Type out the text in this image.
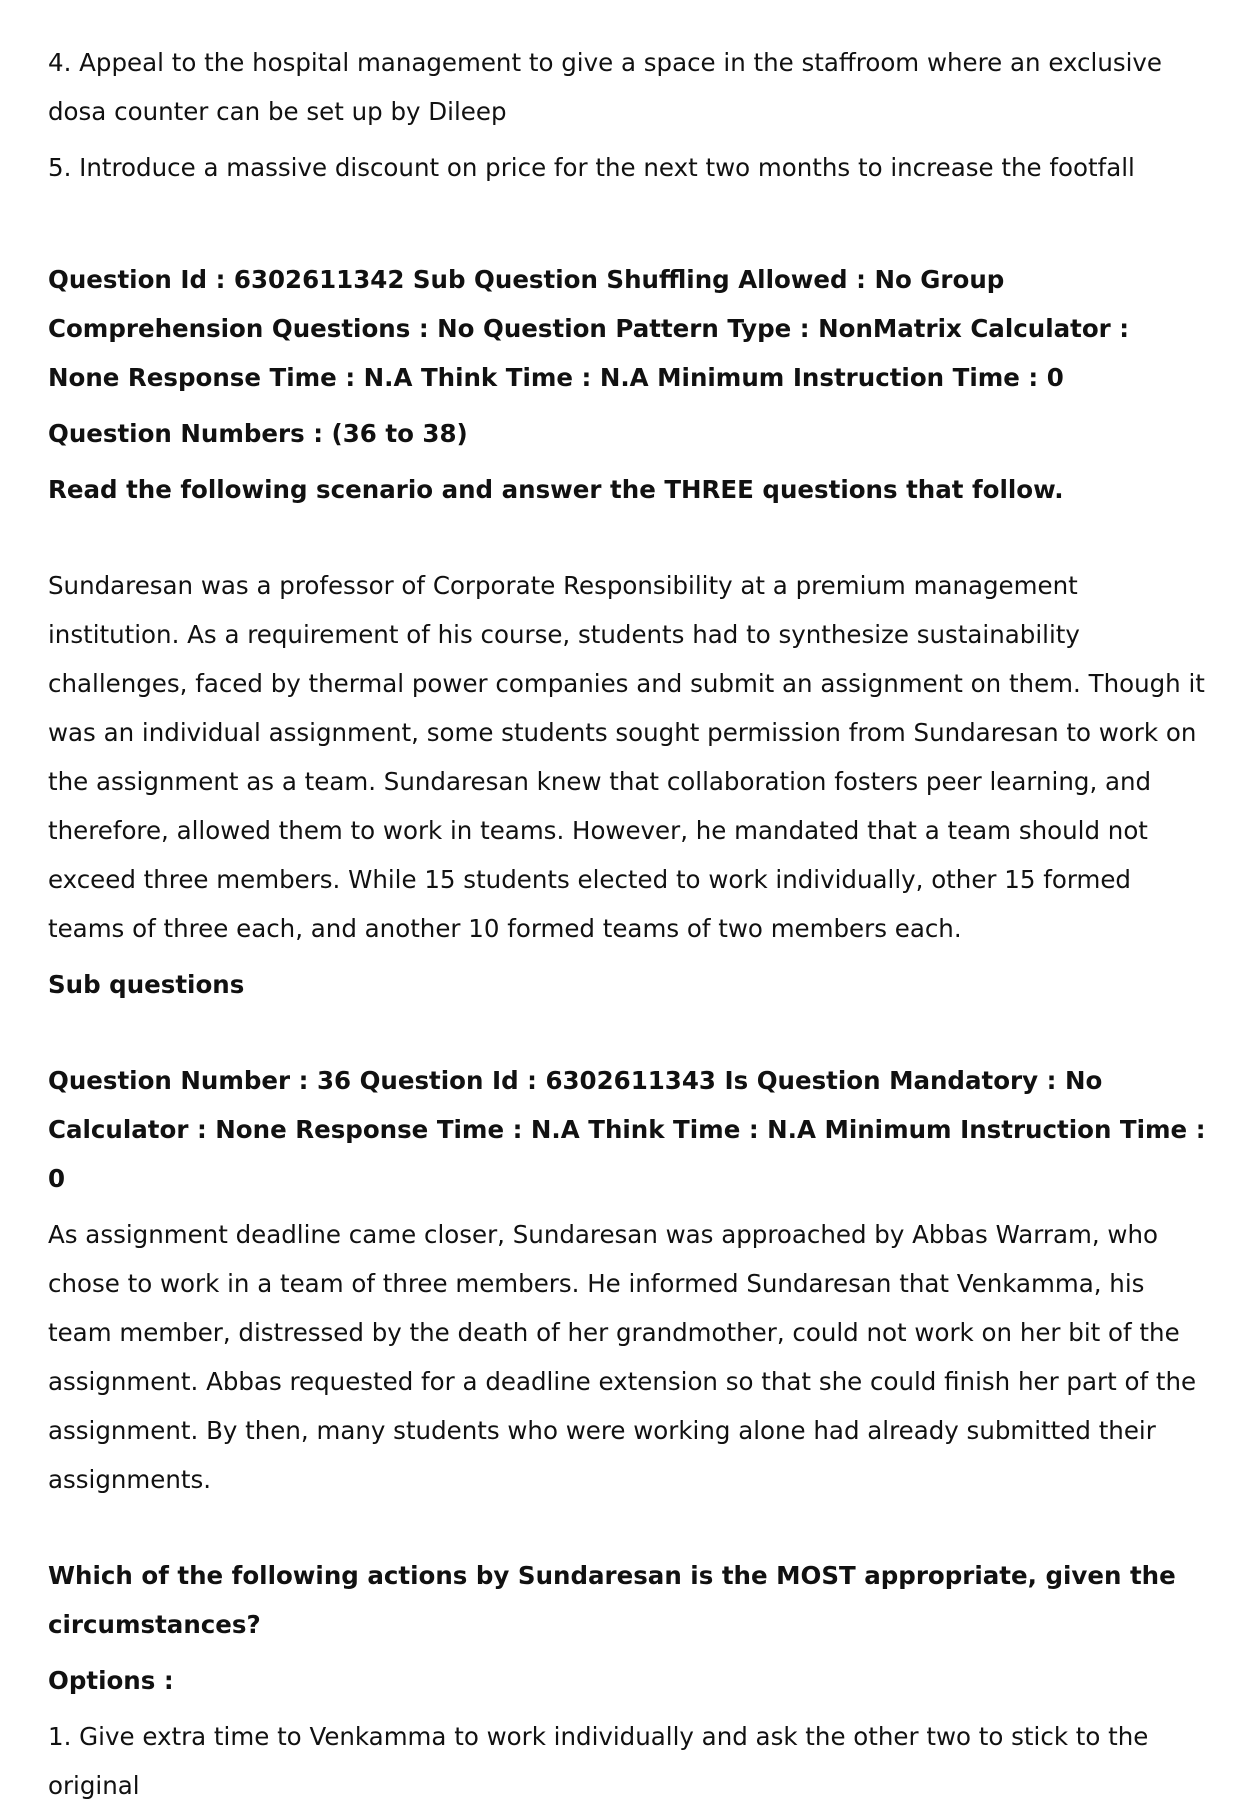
4. Appeal to the hospital management to give a space in the staffroom where an exclusive dosa counter can be set up by Dileep

5. Introduce a massive discount on price for the next two months to increase the footfall

Question Id : 6302611342 Sub Question Shuffling Allowed : No Group Comprehension Questions : No Question Pattern Type : NonMatrix Calculator : None Response Time : N.A Think Time : N.A Minimum Instruction Time : 0

Question Numbers : (36 to 38)

Read the following scenario and answer the THREE questions that follow.

Sundaresan was a professor of Corporate Responsibility at a premium management institution. As a requirement of his course, students had to synthesize sustainability challenges, faced by thermal power companies and submit an assignment on them. Though it was an individual assignment, some students sought permission from Sundaresan to work on the assignment as a team. Sundaresan knew that collaboration fosters peer learning, and therefore, allowed them to work in teams. However, he mandated that a team should not exceed three members. While 15 students elected to work individually, other 15 formed teams of three each, and another 10 formed teams of two members each.

Sub questions

Question Number : 36 Question Id : 6302611343 Is Question Mandatory : No Calculator : None Response Time : N.A Think Time : N.A Minimum Instruction Time : 0

As assignment deadline came closer, Sundaresan was approached by Abbas Warram, who chose to work in a team of three members. He informed Sundaresan that Venkamma, his team member, distressed by the death of her grandmother, could not work on her bit of the assignment. Abbas requested for a deadline extension so that she could finish her part of the assignment. By then, many students who were working alone had already submitted their assignments.

Which of the following actions by Sundaresan is the MOST appropriate, given the circumstances?

Options :

1. Give extra time to Venkamma to work individually and ask the other two to stick to the original
